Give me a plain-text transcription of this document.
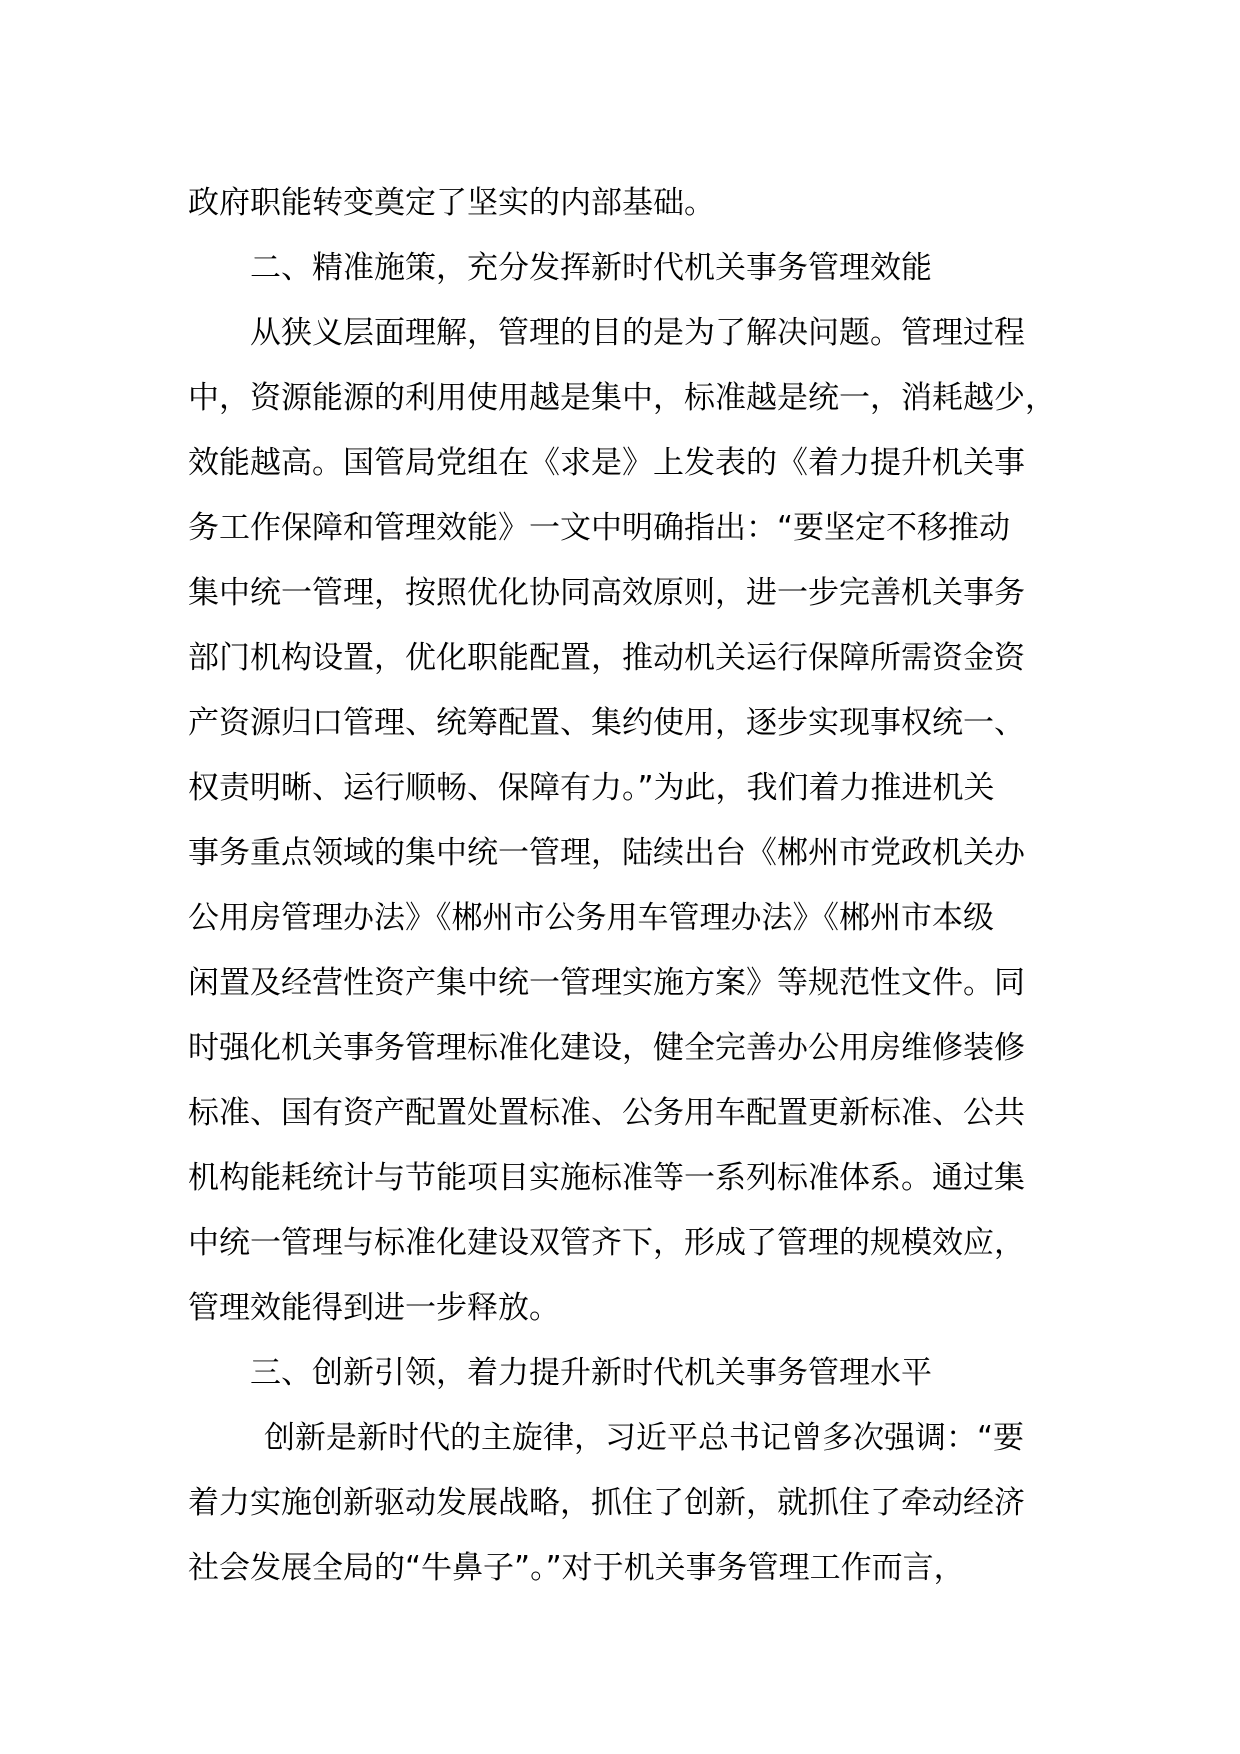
政府职能转变奠定了坚实的内部基础。
二、精准施策，充分发挥新时代机关事务管理效能
从狭义层面理解，管理的目的是为了解决问题。管理过程
中，资源能源的利用使用越是集中，标准越是统一，消耗越少，
效能越高。国管局党组在《求是》上发表的《着力提升机关事
务工作保障和管理效能》一文中明确指出：“要坚定不移推动
集中统一管理，按照优化协同高效原则，进一步完善机关事务
部门机构设置，优化职能配置，推动机关运行保障所需资金资
产资源归口管理、统筹配置、集约使用，逐步实现事权统一、
权责明晰、运行顺畅、保障有力。”为此，我们着力推进机关
事务重点领域的集中统一管理，陆续出台《郴州市党政机关办
公用房管理办法》《郴州市公务用车管理办法》《郴州市本级
闲置及经营性资产集中统一管理实施方案》等规范性文件。同
时强化机关事务管理标准化建设，健全完善办公用房维修装修
标准、国有资产配置处置标准、公务用车配置更新标准、公共
机构能耗统计与节能项目实施标准等一系列标准体系。通过集
中统一管理与标准化建设双管齐下，形成了管理的规模效应，
管理效能得到进一步释放。
三、创新引领，着力提升新时代机关事务管理水平
创新是新时代的主旋律，习近平总书记曾多次强调：“要
着力实施创新驱动发展战略，抓住了创新，就抓住了牵动经济
社会发展全局的“牛鼻子”。”对于机关事务管理工作而言，
